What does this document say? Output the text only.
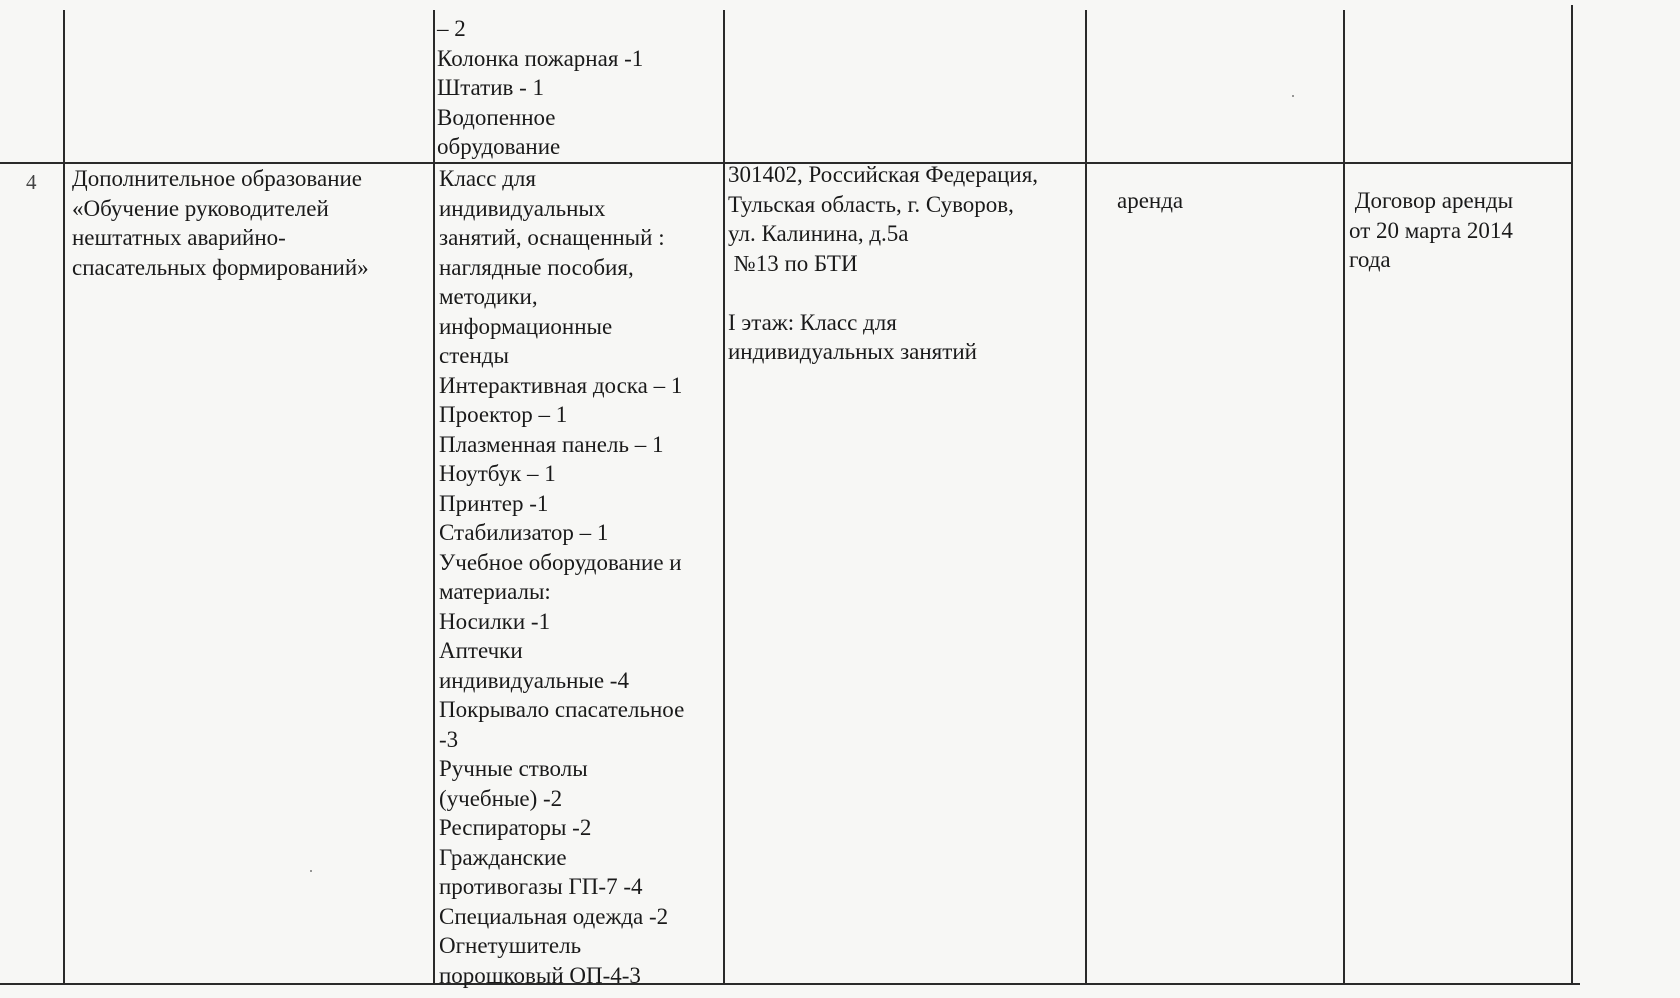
– 2
Колонка пожарная -1
Штатив - 1
Водопенное
обрудование
4 Дополнительное образование
«Обучение руководителей
нештатных аварийно-
спасательных формирований»
Класс для
индивидуальных
занятий, оснащенный :
наглядные пособия,
методики,
информационные
стенды
Интерактивная доска – 1
Проектор – 1
Плазменная панель – 1
Ноутбук – 1
Принтер -1
Стабилизатор – 1
Учебное оборудование и
материалы:
Носилки -1
Аптечки
индивидуальные -4
Покрывало спасательное
-3
Ручные стволы
(учебные) -2
Респираторы -2
Гражданские
противогазы ГП-7 -4
Специальная одежда -2
Огнетушитель
порошковый ОП-4-3
301402, Российская Федерация,
Тульская область, г. Суворов,
ул. Калинина, д.5а
№13 по БТИ
I этаж: Класс для
индивидуальных занятий
аренда	Договор аренды
от 20 марта 2014
года
